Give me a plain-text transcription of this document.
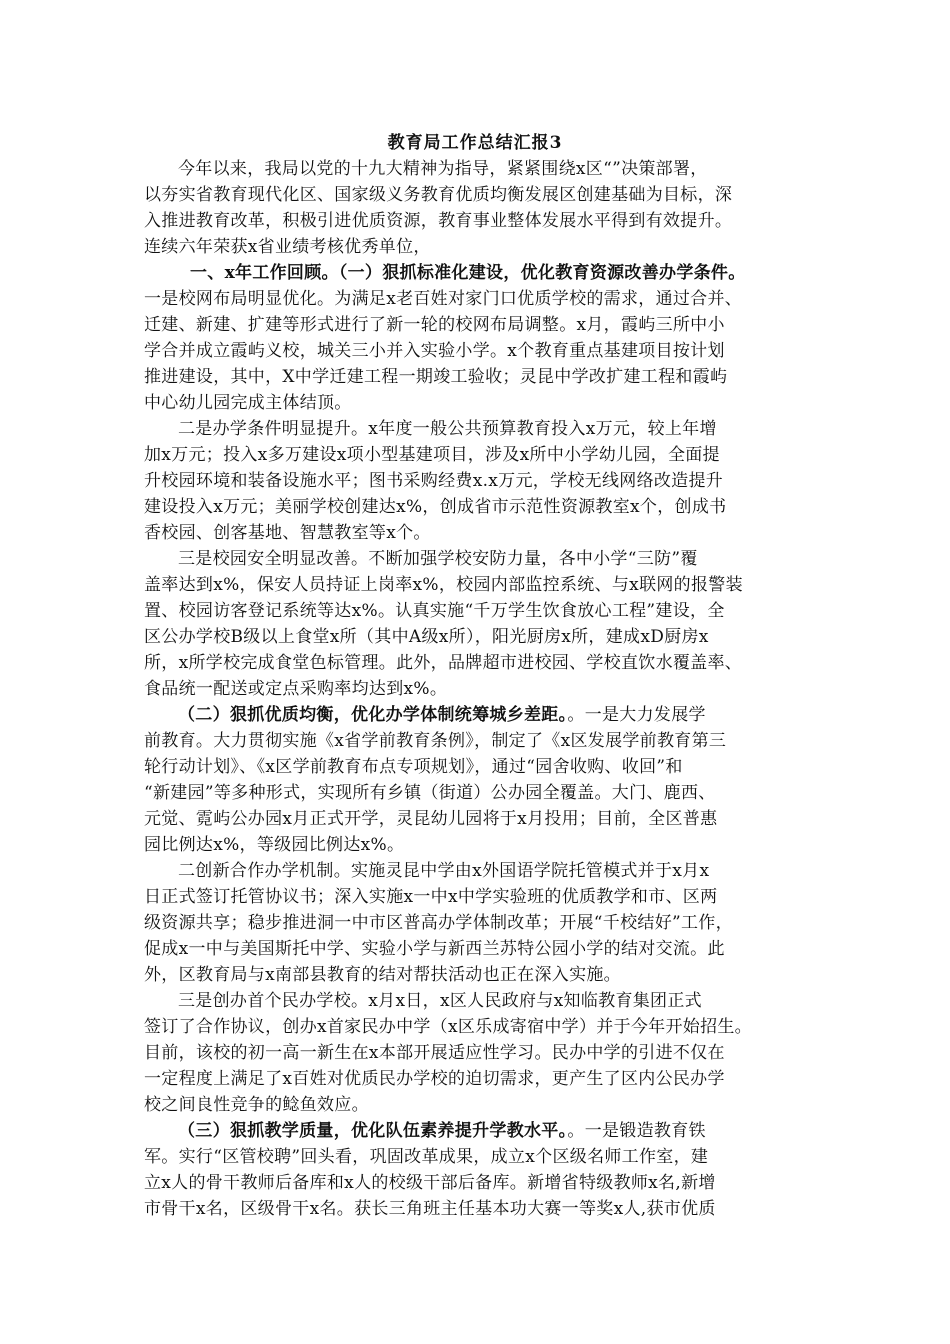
教育局工作总结汇报3
今年以来，我局以党的十九大精神为指导，紧紧围绕x区“”决策部署，
以夯实省教育现代化区、国家级义务教育优质均衡发展区创建基础为目标，深
入推进教育改革，积极引进优质资源，教育事业整体发展水平得到有效提升。
连续六年荣获x省业绩考核优秀单位，
一、x年工作回顾。（一）狠抓标准化建设，优化教育资源改善办学条件。
一是校网布局明显优化。为满足x老百姓对家门口优质学校的需求，通过合并、
迁建、新建、扩建等形式进行了新一轮的校网布局调整。x月，霞屿三所中小
学合并成立霞屿义校，城关三小并入实验小学。x个教育重点基建项目按计划
推进建设，其中，X中学迁建工程一期竣工验收；灵昆中学改扩建工程和霞屿
中心幼儿园完成主体结顶。
二是办学条件明显提升。x年度一般公共预算教育投入x万元，较上年增
加x万元；投入x多万建设x项小型基建项目，涉及x所中小学幼儿园，全面提
升校园环境和装备设施水平；图书采购经费x.x万元，学校无线网络改造提升
建设投入x万元；美丽学校创建达x%，创成省市示范性资源教室x个，创成书
香校园、创客基地、智慧教室等x个。
三是校园安全明显改善。不断加强学校安防力量，各中小学“三防”覆
盖率达到x%，保安人员持证上岗率x%，校园内部监控系统、与x联网的报警装
置、校园访客登记系统等达x%。认真实施“千万学生饮食放心工程”建设，全
区公办学校B级以上食堂x所（其中A级x所），阳光厨房x所，建成xD厨房x
所，x所学校完成食堂色标管理。此外，品牌超市进校园、学校直饮水覆盖率、
食品统一配送或定点采购率均达到x%。
（二）狠抓优质均衡，优化办学体制统筹城乡差距。。一是大力发展学
前教育。大力贯彻实施《x省学前教育条例》，制定了《x区发展学前教育第三
轮行动计划》、《x区学前教育布点专项规划》，通过“园舍收购、收回”和
“新建园”等多种形式，实现所有乡镇（街道）公办园全覆盖。大门、鹿西、
元觉、霓屿公办园x月正式开学，灵昆幼儿园将于x月投用；目前，全区普惠
园比例达x%，等级园比例达x%。
二创新合作办学机制。实施灵昆中学由x外国语学院托管模式并于x月x
日正式签订托管协议书；深入实施x一中x中学实验班的优质教学和市、区两
级资源共享；稳步推进洞一中市区普高办学体制改革；开展“千校结好”工作，
促成x一中与美国斯托中学、实验小学与新西兰苏特公园小学的结对交流。此
外，区教育局与x南部县教育的结对帮扶活动也正在深入实施。
三是创办首个民办学校。x月x日，x区人民政府与x知临教育集团正式
签订了合作协议，创办x首家民办中学（x区乐成寄宿中学）并于今年开始招生。
目前，该校的初一高一新生在x本部开展适应性学习。民办中学的引进不仅在
一定程度上满足了x百姓对优质民办学校的迫切需求，更产生了区内公民办学
校之间良性竞争的鲶鱼效应。
（三）狠抓教学质量，优化队伍素养提升学教水平。。一是锻造教育铁
军。实行“区管校聘”回头看，巩固改革成果，成立x个区级名师工作室，建
立x人的骨干教师后备库和x人的校级干部后备库。新增省特级教师x名,新增
市骨干x名，区级骨干x名。获长三角班主任基本功大赛一等奖x人,获市优质
